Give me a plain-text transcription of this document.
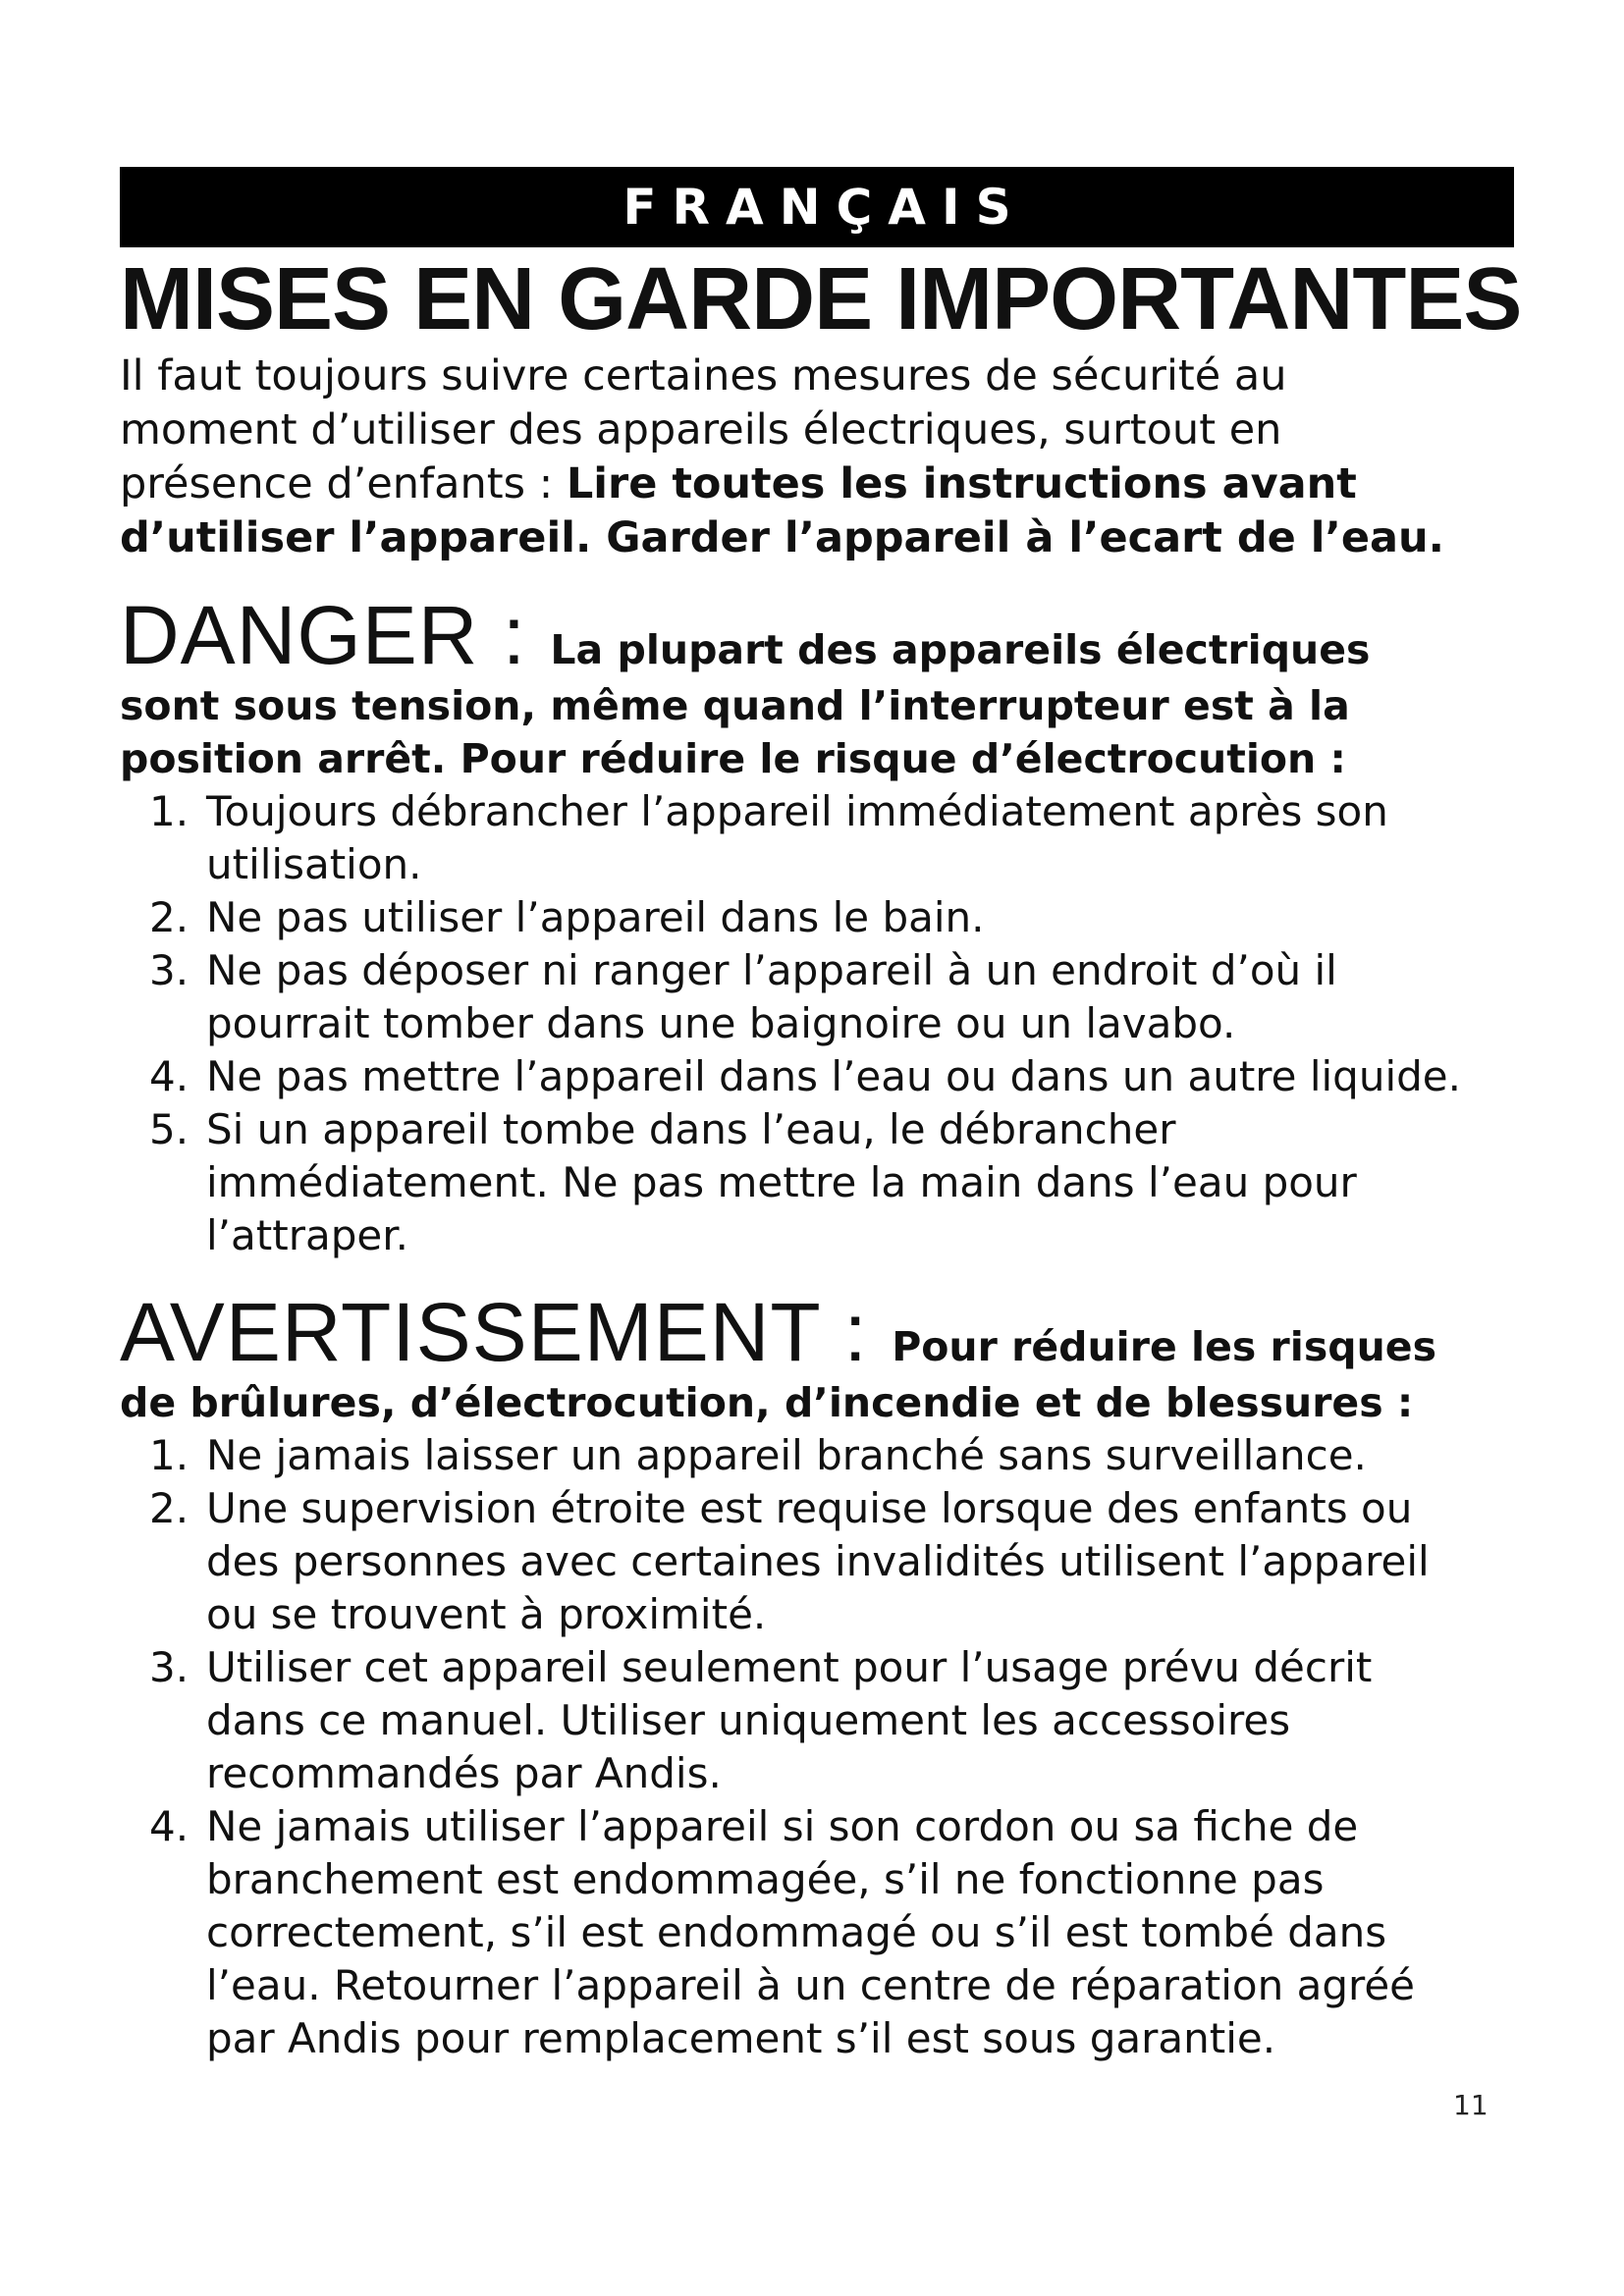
FRANÇAIS
MISES EN GARDE IMPORTANTES
Il faut toujours suivre certaines mesures de sécurité au
moment d’utiliser des appareils électriques, surtout en
présence d’enfants : Lire toutes les instructions avant
d’utiliser l’appareil. Garder l’appareil à l’ecart de l’eau.
DANGER : La plupart des appareils électriques
sont sous tension, même quand l’interrupteur est à la
position arrêt. Pour réduire le risque d’électrocution :
1. Toujours débrancher l’appareil immédiatement après son
utilisation.
2. Ne pas utiliser l’appareil dans le bain.
3. Ne pas déposer ni ranger l’appareil à un endroit d’où il
pourrait tomber dans une baignoire ou un lavabo.
4. Ne pas mettre l’appareil dans l’eau ou dans un autre liquide.
5. Si un appareil tombe dans l’eau, le débrancher
immédiatement. Ne pas mettre la main dans l’eau pour
l’attraper.
AVERTISSEMENT : Pour réduire les risques
de brûlures, d’électrocution, d’incendie et de blessures :
1. Ne jamais laisser un appareil branché sans surveillance.
2. Une supervision étroite est requise lorsque des enfants ou
des personnes avec certaines invalidités utilisent l’appareil
ou se trouvent à proximité.
3. Utiliser cet appareil seulement pour l’usage prévu décrit
dans ce manuel. Utiliser uniquement les accessoires
recommandés par Andis.
4. Ne jamais utiliser l’appareil si son cordon ou sa fiche de
branchement est endommagée, s’il ne fonctionne pas
correctement, s’il est endommagé ou s’il est tombé dans
l’eau. Retourner l’appareil à un centre de réparation agréé
par Andis pour remplacement s’il est sous garantie.
11
